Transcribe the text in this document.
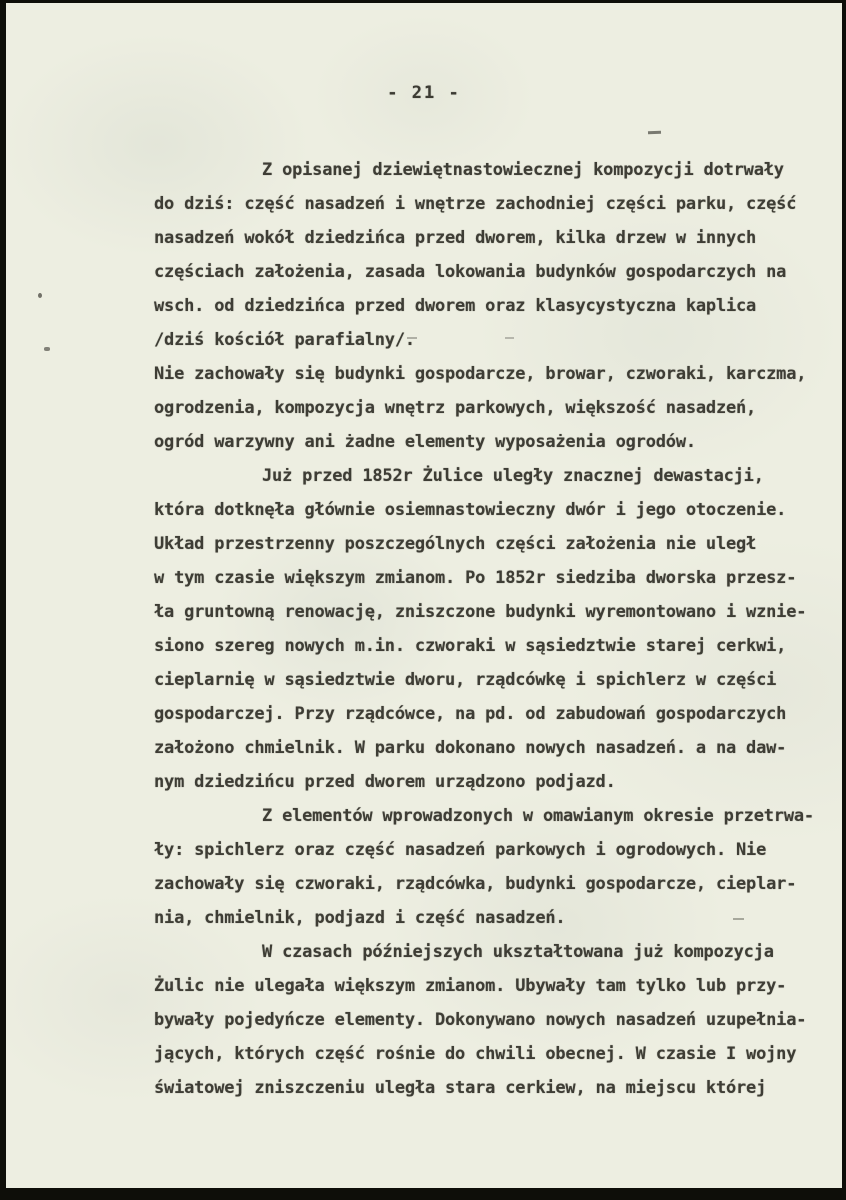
- 21 -
Z opisanej dziewiętnastowiecznej kompozycji dotrwały
do dziś: część nasadzeń i wnętrze zachodniej części parku, część
nasadzeń wokół dziedzińca przed dworem, kilka drzew w innych
częściach założenia, zasada lokowania budynków gospodarczych na
wsch. od dziedzińca przed dworem oraz klasycystyczna kaplica
/dziś kościół parafialny/.
Nie zachowały się budynki gospodarcze, browar, czworaki, karczma,
ogrodzenia, kompozycja wnętrz parkowych, większość nasadzeń,
ogród warzywny ani żadne elementy wyposażenia ogrodów.
Już przed 1852r Żulice uległy znacznej dewastacji,
która dotknęła głównie osiemnastowieczny dwór i jego otoczenie.
Układ przestrzenny poszczególnych części założenia nie uległ
w tym czasie większym zmianom. Po 1852r siedziba dworska przesz-
ła gruntowną renowację, zniszczone budynki wyremontowano i wznie-
siono szereg nowych m.in. czworaki w sąsiedztwie starej cerkwi,
cieplarnię w sąsiedztwie dworu, rządcówkę i spichlerz w części
gospodarczej. Przy rządcówce, na pd. od zabudowań gospodarczych
założono chmielnik. W parku dokonano nowych nasadzeń. a na daw-
nym dziedzińcu przed dworem urządzono podjazd.
Z elementów wprowadzonych w omawianym okresie przetrwa-
ły: spichlerz oraz część nasadzeń parkowych i ogrodowych. Nie
zachowały się czworaki, rządcówka, budynki gospodarcze, cieplar-
nia, chmielnik, podjazd i część nasadzeń.
W czasach późniejszych ukształtowana już kompozycja
Żulic nie ulegała większym zmianom. Ubywały tam tylko lub przy-
bywały pojedyńcze elementy. Dokonywano nowych nasadzeń uzupełnia-
jących, których część rośnie do chwili obecnej. W czasie I wojny
światowej zniszczeniu uległa stara cerkiew, na miejscu której
